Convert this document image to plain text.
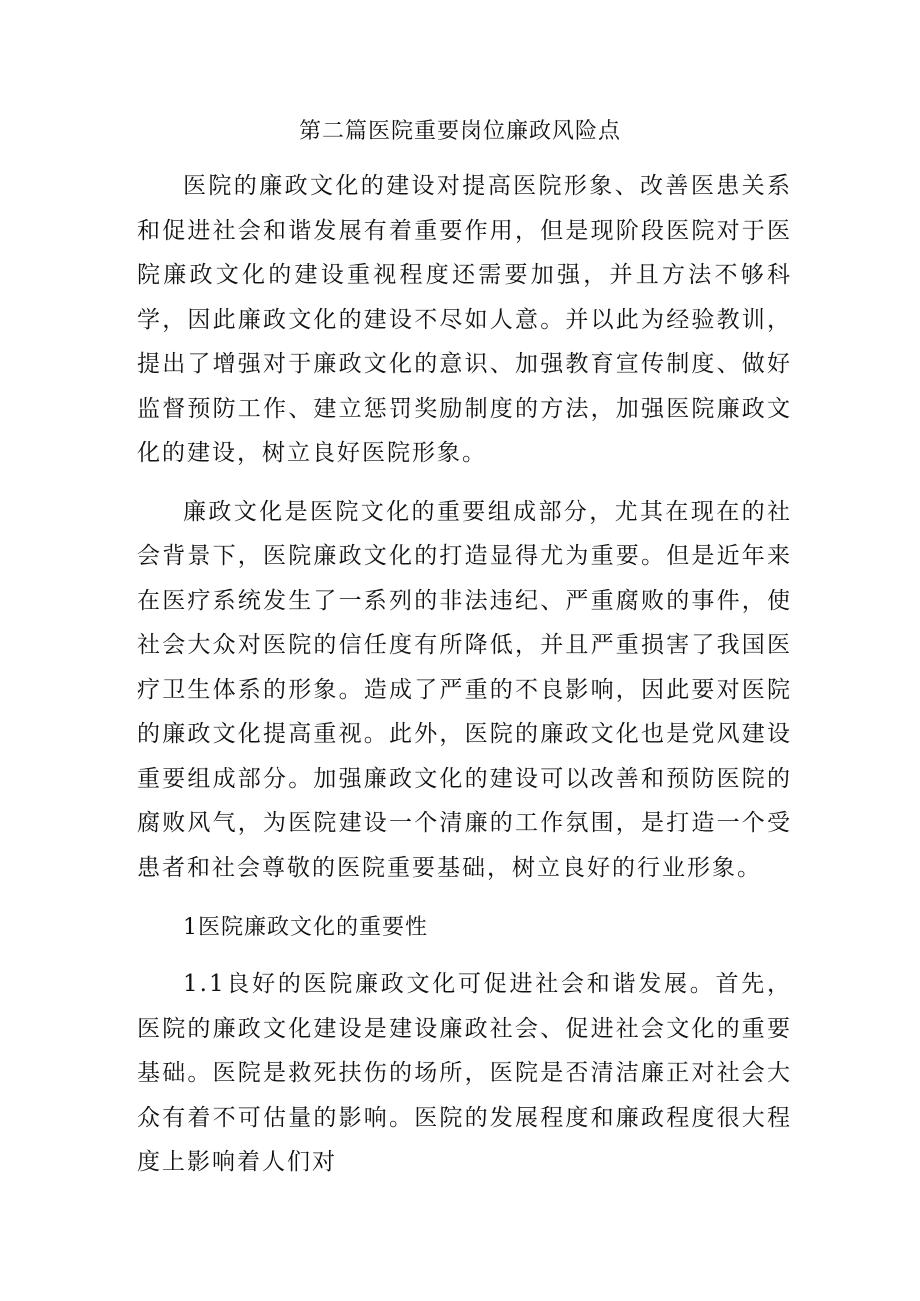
第二篇医院重要岗位廉政风险点

医院的廉政文化的建设对提高医院形象、改善医患关系和促进社会和谐发展有着重要作用，但是现阶段医院对于医院廉政文化的建设重视程度还需要加强，并且方法不够科学，因此廉政文化的建设不尽如人意。并以此为经验教训，提出了增强对于廉政文化的意识、加强教育宣传制度、做好监督预防工作、建立惩罚奖励制度的方法，加强医院廉政文化的建设，树立良好医院形象。

廉政文化是医院文化的重要组成部分，尤其在现在的社会背景下，医院廉政文化的打造显得尤为重要。但是近年来在医疗系统发生了一系列的非法违纪、严重腐败的事件，使社会大众对医院的信任度有所降低，并且严重损害了我国医疗卫生体系的形象。造成了严重的不良影响，因此要对医院的廉政文化提高重视。此外，医院的廉政文化也是党风建设重要组成部分。加强廉政文化的建设可以改善和预防医院的腐败风气，为医院建设一个清廉的工作氛围，是打造一个受患者和社会尊敬的医院重要基础，树立良好的行业形象。

1医院廉政文化的重要性

1.1良好的医院廉政文化可促进社会和谐发展。首先，医院的廉政文化建设是建设廉政社会、促进社会文化的重要基础。医院是救死扶伤的场所，医院是否清洁廉正对社会大众有着不可估量的影响。医院的发展程度和廉政程度很大程度上影响着人们对
